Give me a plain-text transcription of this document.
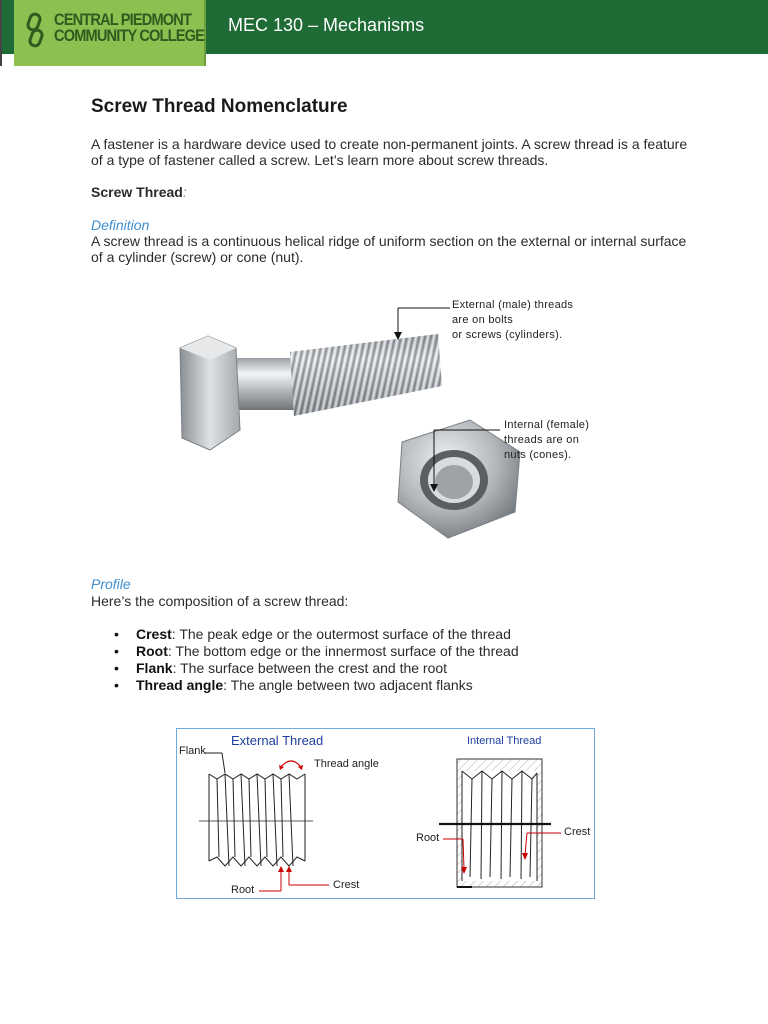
MEC 130 – Mechanisms
CENTRAL PIEDMONT
COMMUNITY COLLEGE
Screw Thread Nomenclature
A fastener is a hardware device used to create non-permanent joints. A screw thread is a feature of a type of fastener called a screw. Let’s learn more about screw threads.
Screw Thread:
Definition
A screw thread is a continuous helical ridge of uniform section on the external or internal surface of a cylinder (screw) or cone (nut).
External (male) threads
are on bolts
or screws (cylinders).
Internal (female)
threads are on
nuts (cones).
Profile
Here’s the composition of a screw thread:
• Crest: The peak edge or the outermost surface of the thread
• Root: The bottom edge or the innermost surface of the thread
• Flank: The surface between the crest and the root
• Thread angle: The angle between two adjacent flanks
External Thread	Internal Thread
Flank
Thread angle
Root	Crest
Root	Crest
